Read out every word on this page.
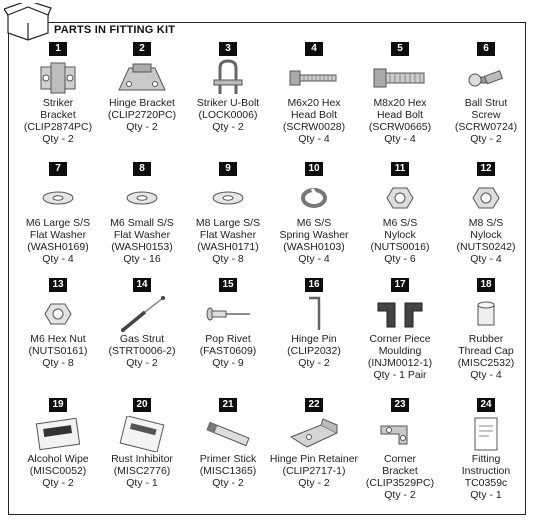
PARTS IN FITTING KIT
1
Striker
Bracket
(CLIP2874PC)
Qty - 2
2
Hinge Bracket
(CLIP2720PC)
Qty - 2
3
Striker U-Bolt
(LOCK0006)
Qty - 2
4
M6x20 Hex
Head Bolt
(SCRW0028)
Qty - 4
5
M8x20 Hex
Head Bolt
(SCRW0665)
Qty - 4
6
Ball Strut
Screw
(SCRW0724)
Qty - 2
7
M6 Large S/S
Flat Washer
(WASH0169)
Qty - 4
8
M6 Small S/S
Flat Washer
(WASH0153)
Qty - 16
9
M8 Large S/S
Flat Washer
(WASH0171)
Qty - 8
10
M6 S/S
Spring Washer
(WASH0103)
Qty - 4
11
M6 S/S
Nylock
(NUTS0016)
Qty - 6
12
M8 S/S
Nylock
(NUTS0242)
Qty - 4
13
M6 Hex Nut
(NUTS0161)
Qty - 8
14
Gas Strut
(STRT0006-2)
Qty - 2
15
Pop Rivet
(FAST0609)
Qty - 9
16
Hinge Pin
(CLIP2032)
Qty - 2
17
Corner Piece
Moulding
(INJM0012-1)
Qty - 1 Pair
18
Rubber
Thread Cap
(MISC2532)
Qty - 4
19
Alcohol Wipe
(MISC0052)
Qty - 2
20
Rust Inhibitor
(MISC2776)
Qty - 1
21
Primer Stick
(MISC1365)
Qty - 2
22
Hinge Pin Retainer
(CLIP2717-1)
Qty - 2
23
Corner
Bracket
(CLIP3529PC)
Qty - 2
24
Fitting
Instruction
TC0359c
Qty - 1
